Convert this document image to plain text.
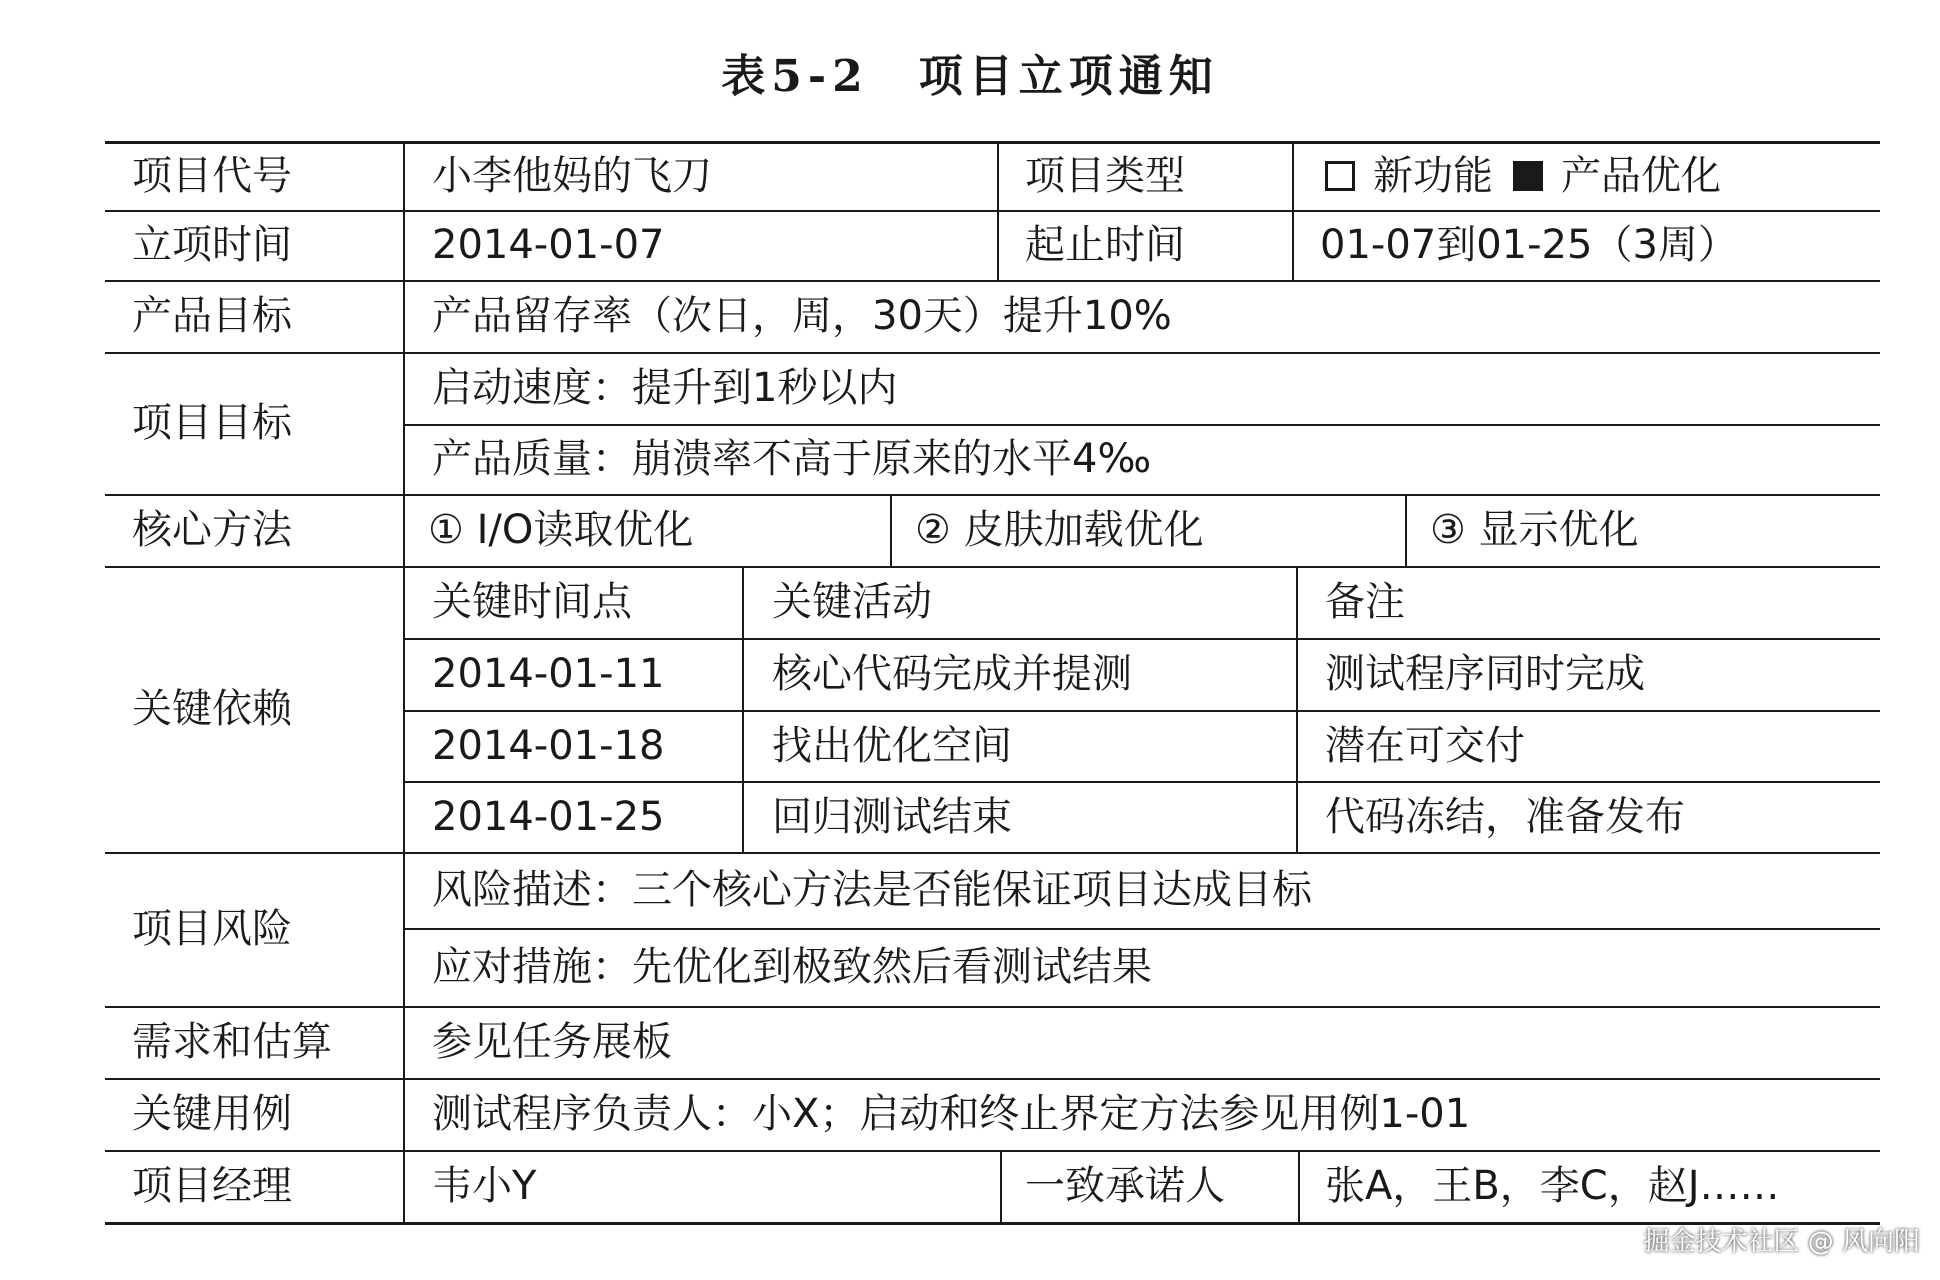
表5-2 项目立项通知
项目代号	小李他妈的飞刀	项目类型	新功能 产品优化
立项时间	2014-01-07	起止时间	01-07到01-25（3周）
产品目标	产品留存率（次日，周，30天）提升10%
项目目标
启动速度：提升到1秒以内
产品质量：崩溃率不高于原来的水平4‰
核心方法	① I/O读取优化	② 皮肤加载优化	③ 显示优化
关键依赖
关键时间点	关键活动	备注
2014-01-11	核心代码完成并提测	测试程序同时完成
2014-01-18	找出优化空间	潜在可交付
2014-01-25	回归测试结束	代码冻结，准备发布
项目风险
风险描述：三个核心方法是否能保证项目达成目标
应对措施：先优化到极致然后看测试结果
需求和估算	参见任务展板
关键用例	测试程序负责人：小X；启动和终止界定方法参见用例1-01
项目经理	韦小Y	一致承诺人	张A，王B，李C，赵J……
掘金技术社区 @ 风向阳
